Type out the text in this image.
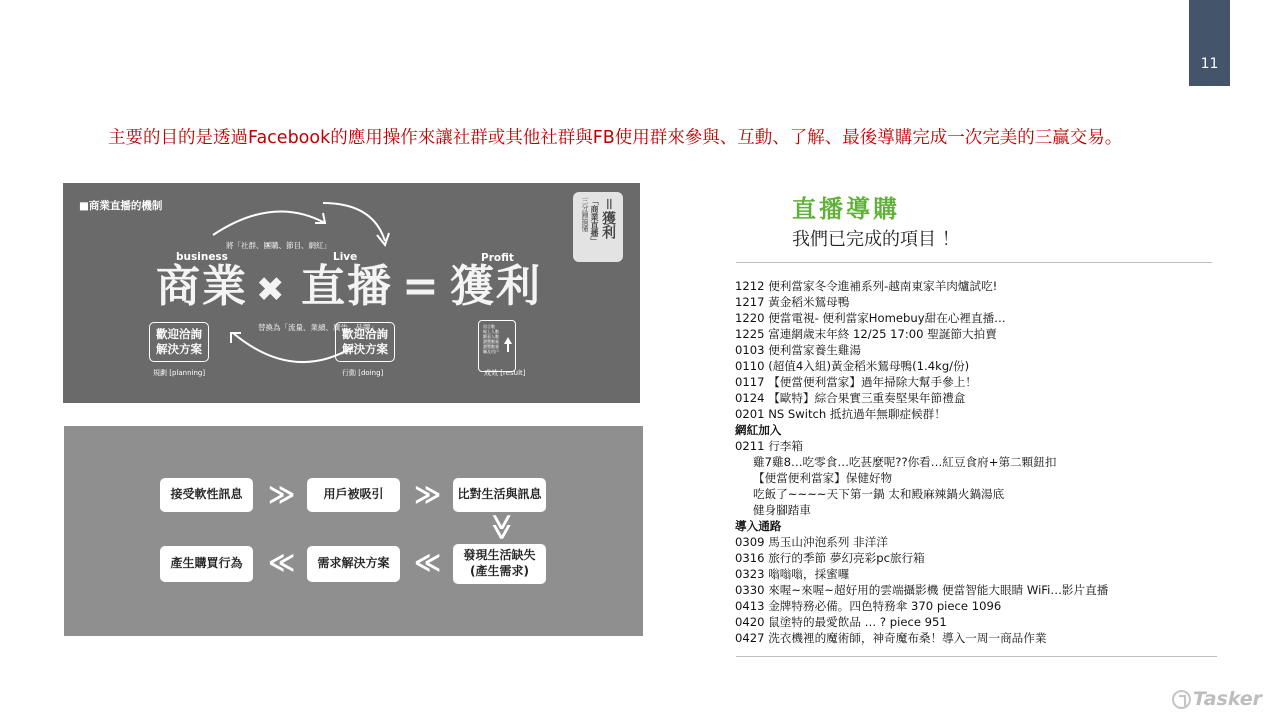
11
主要的目的是透過Facebook的應用操作來讓社群或其他社群與FB使用群來參與、互動、了解、最後導購完成一次完美的三贏交易。
■商業直播的機制
將「社群、團購、節目、網紅」
替換為「流量、業績、廣告、品牌」
business	Live	Profit
商業 ✖ 直播 = 獲利
歡迎洽詢
解決方案
歡迎洽詢
解決方案
留言數
線上人數
觀看人數
瀏覽數量
瀏覽數量
觸及用戶
規劃 [planning]	行動 [doing]	成效 [result]
＝獲利
「商業直播」
三分鐘搞懂
接受軟性訊息 ≫	用戶被吸引	≫	比對生活與訊息
≫
發現生活缺失
(產生需求)
≪
需求解決方案
≪
產生購買行為
直播導購
我們已完成的項目 ！
1212 便利當家冬令進補系列-越南東家羊肉爐試吃!
1217 黃金稻米鵟母鴨
1220 便當電視- 便利當家Homebuy甜在心裡直播…
1225 富連網歲末年終 12/25 17:00 聖誕節大拍賣
0103 便利當家養生雞湯
0110 (超值4入組)黃金稻米鵟母鴨(1.4kg/份)
0117 【便當便利當家】過年掃除大幫手參上！
0124 【歐特】綜合果實三重奏堅果年節禮盒
0201 NS Switch 抵抗過年無聊症候群！
網紅加入
0211 行李箱
雞7雞8…吃零食…吃甚麼呢??你看…紅豆食府+第二顆鈕扣
【便當便利當家】保健好物
吃飯了~~~~天下第一鍋 太和殿麻辣鍋火鍋湯底
健身腳踏車
導入通路
0309 馬玉山沖泡系列 非洋洋
0316 旅行的季節 夢幻亮彩pc旅行箱
0323 嗡嗡嗡，採蜜囉
0330 來喔~來喔~超好用的雲端攝影機 便當智能大眼睛 WiFi…影片直播
0413 金牌特務必備。四色特務傘 370 piece 1096
0420 鼠塗特的最愛飲品 … ? piece 951
0427 洗衣機裡的魔術師，神奇魔布桑！導入一周一商品作業
Tasker
